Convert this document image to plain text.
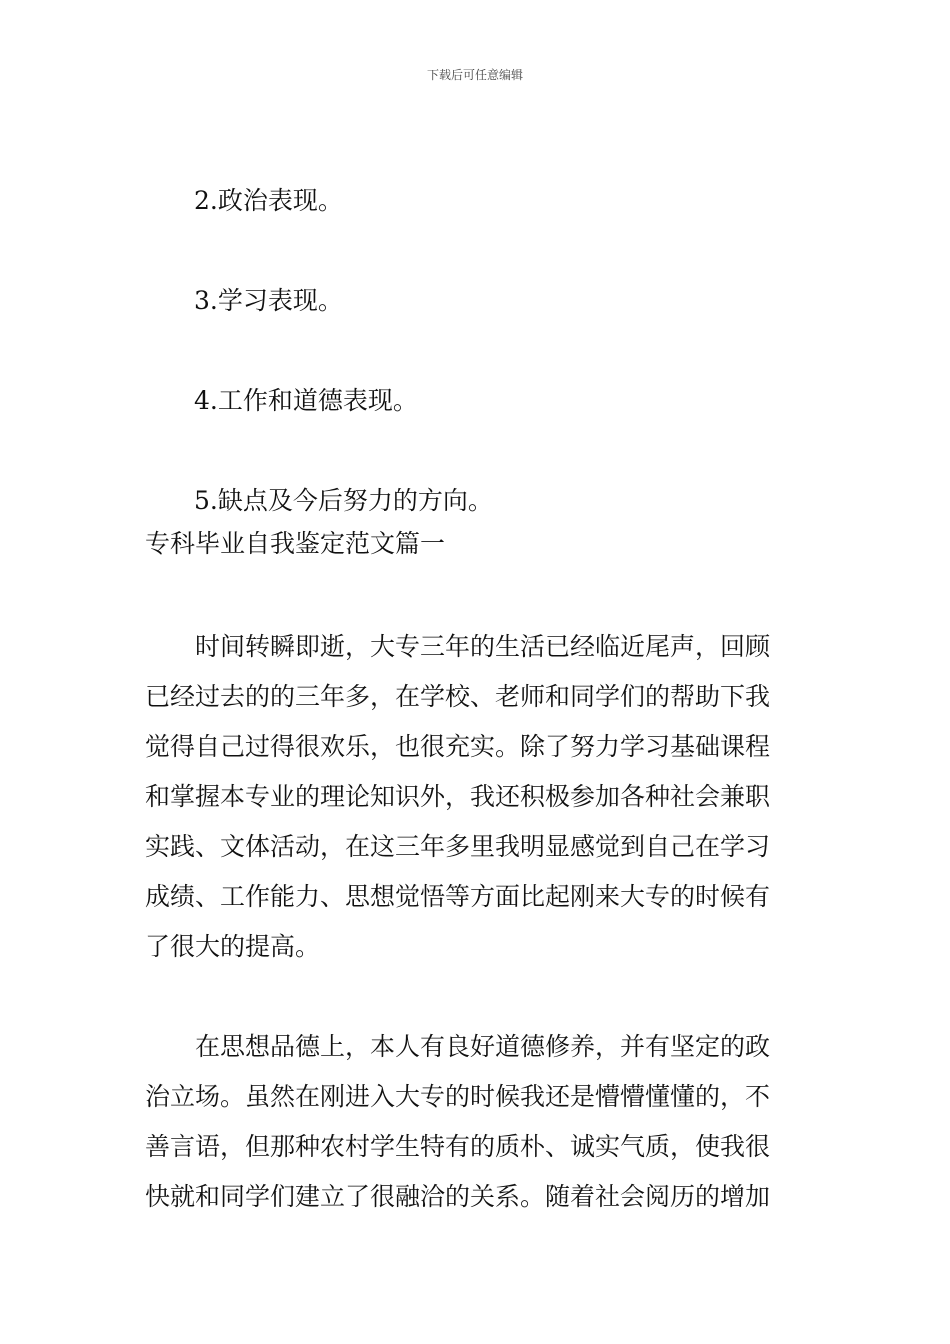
下载后可任意编辑
2.政治表现。
3.学习表现。
4.工作和道德表现。
5.缺点及今后努力的方向。
专科毕业自我鉴定范文篇一
时间转瞬即逝，大专三年的生活已经临近尾声，回顾
已经过去的的三年多，在学校、老师和同学们的帮助下我
觉得自己过得很欢乐，也很充实。除了努力学习基础课程
和掌握本专业的理论知识外，我还积极参加各种社会兼职
实践、文体活动，在这三年多里我明显感觉到自己在学习
成绩、工作能力、思想觉悟等方面比起刚来大专的时候有
了很大的提高。
在思想品德上，本人有良好道德修养，并有坚定的政
治立场。虽然在刚进入大专的时候我还是懵懵懂懂的，不
善言语，但那种农村学生特有的质朴、诚实气质，使我很
快就和同学们建立了很融洽的关系。随着社会阅历的增加
